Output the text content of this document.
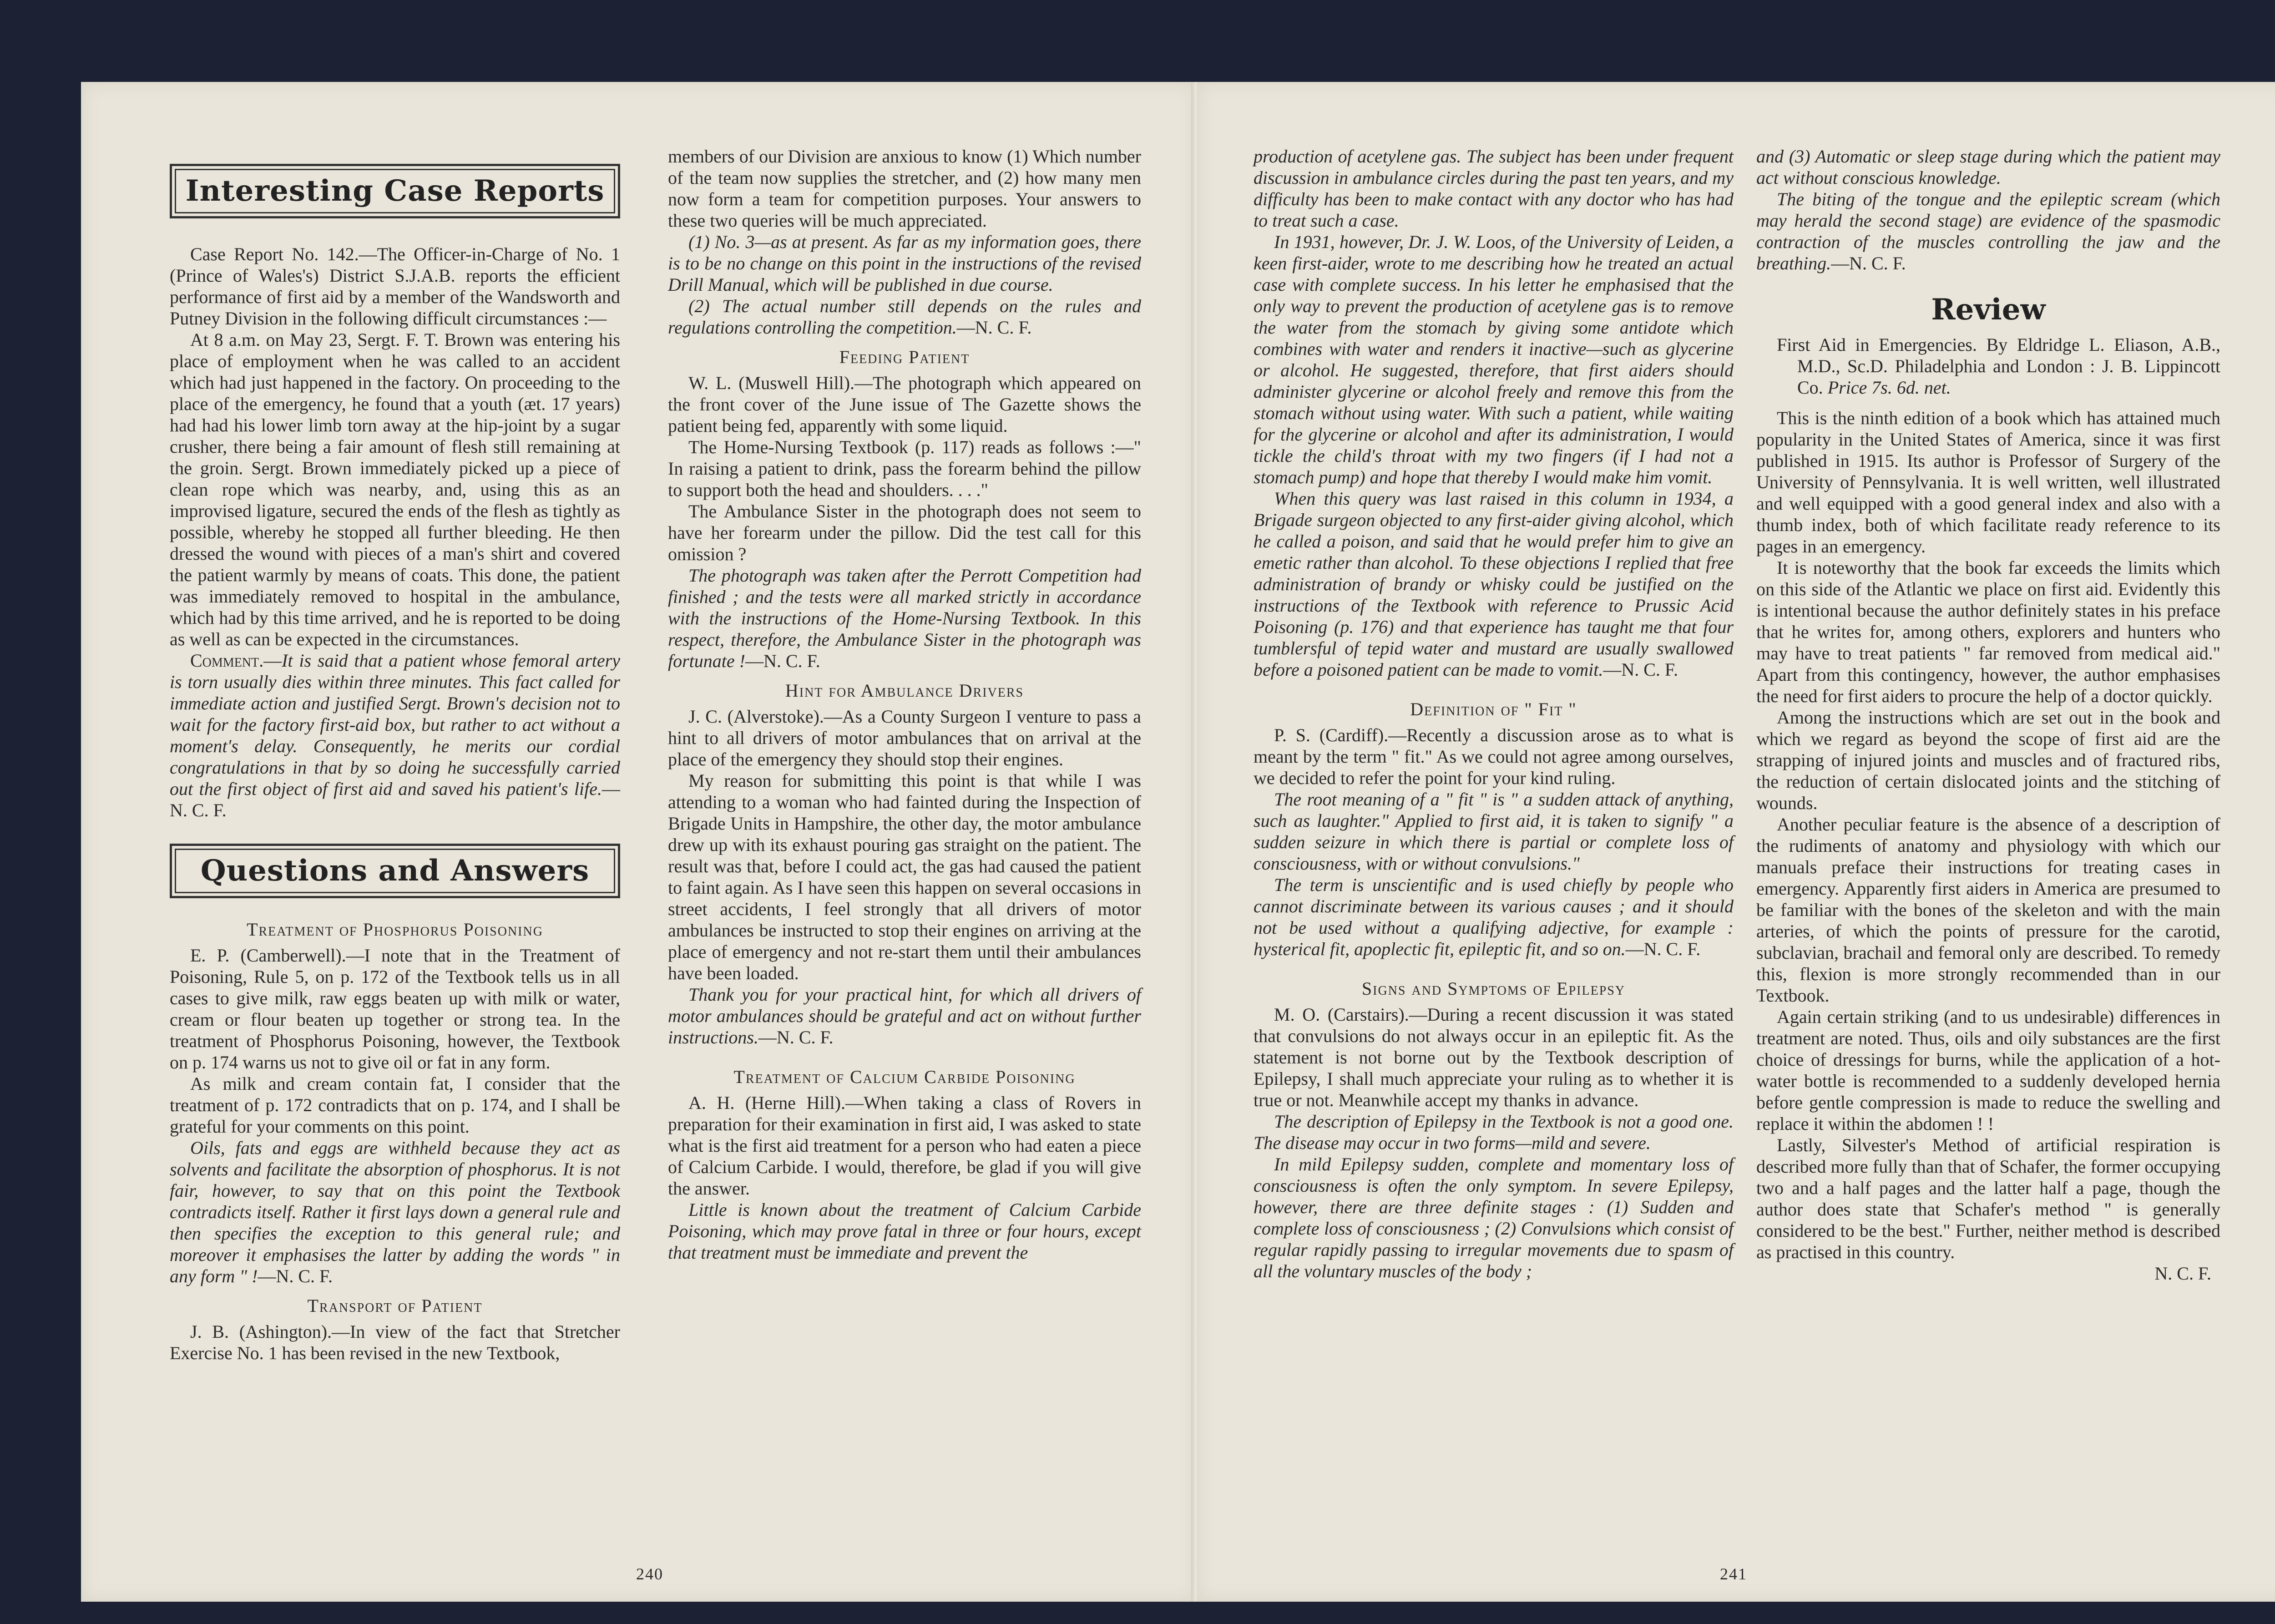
Interesting Case Reports

Case Report No. 142.—The Officer-in-Charge of No. 1 (Prince of Wales's) District S.J.A.B. reports the efficient performance of first aid by a member of the Wandsworth and Putney Division in the following difficult circumstances :—

At 8 a.m. on May 23, Sergt. F. T. Brown was entering his place of employment when he was called to an accident which had just happened in the factory. On proceeding to the place of the emergency, he found that a youth (æt. 17 years) had had his lower limb torn away at the hip-joint by a sugar crusher, there being a fair amount of flesh still remaining at the groin. Sergt. Brown immediately picked up a piece of clean rope which was nearby, and, using this as an improvised ligature, secured the ends of the flesh as tightly as possible, whereby he stopped all further bleeding. He then dressed the wound with pieces of a man's shirt and covered the patient warmly by means of coats. This done, the patient was immediately removed to hospital in the ambulance, which had by this time arrived, and he is reported to be doing as well as can be expected in the circumstances.

Comment.—It is said that a patient whose femoral artery is torn usually dies within three minutes. This fact called for immediate action and justified Sergt. Brown's decision not to wait for the factory first-aid box, but rather to act without a moment's delay. Consequently, he merits our cordial congratulations in that by so doing he successfully carried out the first object of first aid and saved his patient's life.—N. C. F.

Questions and Answers
Treatment of Phosphorus Poisoning

E. P. (Camberwell).—I note that in the Treatment of Poisoning, Rule 5, on p. 172 of the Textbook tells us in all cases to give milk, raw eggs beaten up with milk or water, cream or flour beaten up together or strong tea. In the treatment of Phosphorus Poisoning, however, the Textbook on p. 174 warns us not to give oil or fat in any form.

As milk and cream contain fat, I consider that the treatment of p. 172 contradicts that on p. 174, and I shall be grateful for your comments on this point.

Oils, fats and eggs are withheld because they act as solvents and facilitate the absorption of phosphorus. It is not fair, however, to say that on this point the Textbook contradicts itself. Rather it first lays down a general rule and then specifies the exception to this general rule; and moreover it emphasises the latter by adding the words " in any form " !—N. C. F.

Transport of Patient

J. B. (Ashington).—In view of the fact that Stretcher Exercise No. 1 has been revised in the new Textbook,

members of our Division are anxious to know (1) Which number of the team now supplies the stretcher, and (2) how many men now form a team for competition purposes. Your answers to these two queries will be much appreciated.

(1) No. 3—as at present. As far as my information goes, there is to be no change on this point in the instructions of the revised Drill Manual, which will be published in due course.

(2) The actual number still depends on the rules and regulations controlling the competition.—N. C. F.

Feeding Patient

W. L. (Muswell Hill).—The photograph which appeared on the front cover of the June issue of The Gazette shows the patient being fed, apparently with some liquid.

The Home-Nursing Textbook (p. 117) reads as follows :—" In raising a patient to drink, pass the forearm behind the pillow to support both the head and shoulders. . . ."

The Ambulance Sister in the photograph does not seem to have her forearm under the pillow. Did the test call for this omission ?

The photograph was taken after the Perrott Competition had finished ; and the tests were all marked strictly in accordance with the instructions of the Home-Nursing Textbook. In this respect, therefore, the Ambulance Sister in the photograph was fortunate !—N. C. F.

Hint for Ambulance Drivers

J. C. (Alverstoke).—As a County Surgeon I venture to pass a hint to all drivers of motor ambulances that on arrival at the place of the emergency they should stop their engines.

My reason for submitting this point is that while I was attending to a woman who had fainted during the Inspection of Brigade Units in Hampshire, the other day, the motor ambulance drew up with its exhaust pouring gas straight on the patient. The result was that, before I could act, the gas had caused the patient to faint again. As I have seen this happen on several occasions in street accidents, I feel strongly that all drivers of motor ambulances be instructed to stop their engines on arriving at the place of emergency and not re-start them until their ambulances have been loaded.

Thank you for your practical hint, for which all drivers of motor ambulances should be grateful and act on without further instructions.—N. C. F.

Treatment of Calcium Carbide Poisoning

A. H. (Herne Hill).—When taking a class of Rovers in preparation for their examination in first aid, I was asked to state what is the first aid treatment for a person who had eaten a piece of Calcium Carbide. I would, therefore, be glad if you will give the answer.

Little is known about the treatment of Calcium Carbide Poisoning, which may prove fatal in three or four hours, except that treatment must be immediate and prevent the

240

production of acetylene gas. The subject has been under frequent discussion in ambulance circles during the past ten years, and my difficulty has been to make contact with any doctor who has had to treat such a case.

In 1931, however, Dr. J. W. Loos, of the University of Leiden, a keen first-aider, wrote to me describing how he treated an actual case with complete success. In his letter he emphasised that the only way to prevent the production of acetylene gas is to remove the water from the stomach by giving some antidote which combines with water and renders it inactive—such as glycerine or alcohol. He suggested, therefore, that first aiders should administer glycerine or alcohol freely and remove this from the stomach without using water. With such a patient, while waiting for the glycerine or alcohol and after its administration, I would tickle the child's throat with my two fingers (if I had not a stomach pump) and hope that thereby I would make him vomit.

When this query was last raised in this column in 1934, a Brigade surgeon objected to any first-aider giving alcohol, which he called a poison, and said that he would prefer him to give an emetic rather than alcohol. To these objections I replied that free administration of brandy or whisky could be justified on the instructions of the Textbook with reference to Prussic Acid Poisoning (p. 176) and that experience has taught me that four tumblersful of tepid water and mustard are usually swallowed before a poisoned patient can be made to vomit.—N. C. F.

Definition of " Fit "

P. S. (Cardiff).—Recently a discussion arose as to what is meant by the term " fit." As we could not agree among ourselves, we decided to refer the point for your kind ruling.

The root meaning of a " fit " is " a sudden attack of anything, such as laughter." Applied to first aid, it is taken to signify " a sudden seizure in which there is partial or complete loss of consciousness, with or without convulsions."

The term is unscientific and is used chiefly by people who cannot discriminate between its various causes ; and it should not be used without a qualifying adjective, for example : hysterical fit, apoplectic fit, epileptic fit, and so on.—N. C. F.

Signs and Symptoms of Epilepsy

M. O. (Carstairs).—During a recent discussion it was stated that convulsions do not always occur in an epileptic fit. As the statement is not borne out by the Textbook description of Epilepsy, I shall much appreciate your ruling as to whether it is true or not. Meanwhile accept my thanks in advance.

The description of Epilepsy in the Textbook is not a good one. The disease may occur in two forms—mild and severe.

In mild Epilepsy sudden, complete and momentary loss of consciousness is often the only symptom. In severe Epilepsy, however, there are three definite stages : (1) Sudden and complete loss of consciousness ; (2) Convulsions which consist of regular rapidly passing to irregular movements due to spasm of all the voluntary muscles of the body ;

and (3) Automatic or sleep stage during which the patient may act without conscious knowledge.

The biting of the tongue and the epileptic scream (which may herald the second stage) are evidence of the spasmodic contraction of the muscles controlling the jaw and the breathing.—N. C. F.

Review

First Aid in Emergencies. By Eldridge L. Eliason, A.B., M.D., Sc.D. Philadelphia and London : J. B. Lippincott Co. Price 7s. 6d. net.

This is the ninth edition of a book which has attained much popularity in the United States of America, since it was first published in 1915. Its author is Professor of Surgery of the University of Pennsylvania. It is well written, well illustrated and well equipped with a good general index and also with a thumb index, both of which facilitate ready reference to its pages in an emergency.

It is noteworthy that the book far exceeds the limits which on this side of the Atlantic we place on first aid. Evidently this is intentional because the author definitely states in his preface that he writes for, among others, explorers and hunters who may have to treat patients " far removed from medical aid." Apart from this contingency, however, the author emphasises the need for first aiders to procure the help of a doctor quickly.

Among the instructions which are set out in the book and which we regard as beyond the scope of first aid are the strapping of injured joints and muscles and of fractured ribs, the reduction of certain dislocated joints and the stitching of wounds.

Another peculiar feature is the absence of a description of the rudiments of anatomy and physiology with which our manuals preface their instructions for treating cases in emergency. Apparently first aiders in America are presumed to be familiar with the bones of the skeleton and with the main arteries, of which the points of pressure for the carotid, subclavian, brachail and femoral only are described. To remedy this, flexion is more strongly recommended than in our Textbook.

Again certain striking (and to us undesirable) differences in treatment are noted. Thus, oils and oily substances are the first choice of dressings for burns, while the application of a hot-water bottle is recommended to a suddenly developed hernia before gentle compression is made to reduce the swelling and replace it within the abdomen ! !

Lastly, Silvester's Method of artificial respiration is described more fully than that of Schafer, the former occupying two and a half pages and the latter half a page, though the author does state that Schafer's method " is generally considered to be the best." Further, neither method is described as practised in this country.

N. C. F.

241
